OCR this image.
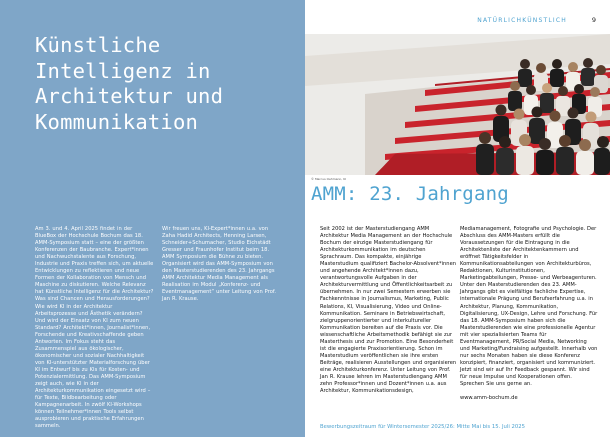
Künstliche Intelligenz in Architektur und Kommunikation

Am 3. und 4. April 2025 findet in der BlueBox der Hochschule Bochum das 18. AMM-Symposium statt – eine der größten Konferenzen der Baubranche. Expert*innen und Nachwuchstalente aus Forschung, Industrie und Praxis treffen sich, um aktuelle Entwicklungen zu reflektieren und neue Formen der Kollaboration von Mensch und Maschine zu diskutieren. Welche Relevanz hat Künstliche Intelligenz für die Architektur? Was sind Chancen und Herausforderungen? Wie wird KI in der Architektur Arbeitsprozesse und Ästhetik verändern? Und wird der Einsatz von KI zum neuen Standard? Architekt*innen, Journalist*innen, Forschende und Kreativschaffende geben Antworten. Im Fokus steht das Zusammenspiel aus ökologischer, ökonomischer und sozialer Nachhaltigkeit von KI-unterstützter Materialforschung über KI im Entwurf bis zu KIs für Kosten- und Potenzialermittlung. Das AMM-Symposium zeigt auch, wie KI in der Architekturkommunikation eingesetzt wird – für Texte, Bildbearbeitung oder Kampagnenarbeit. In zwölf KI-Workshops können Teilnehmer*innen Tools selbst ausprobieren und praktische Erfahrungen sammeln.

Wir freuen uns, KI-Expert*innen u.a. von Zaha Hadid Architects, Henning Larsen, Schneider+Schumacher, Studio Eichstädt Gresser und Fraunhofer Institut beim 18. AMM Symposium die Bühne zu bieten. Organisiert wird das AMM-Symposium von den Masterstudierenden des 23. Jahrgangs AMM Architektur Media Management als Realisation im Modul „Konferenz- und Eventmanagement“ unter Leitung von Prof. Jan R. Krause.

NATÜRLICHKÜNSTLICH	9
© Marcus Oehmann, KI
AMM: 23. Jahrgang

Seit 2002 ist der Masterstudiengang AMM Architektur Media Management an der Hochschule Bochum der einzige Masterstudiengang für Architekturkommunikation im deutschen Sprachraum. Das kompakte, einjährige Masterstudium qualifiziert Bachelor-Absolvent*innen und angehende Architekt*innen dazu, verantwortungsvolle Aufgaben in der Architekturvermittlung und Öffentlichkeitsarbeit zu übernehmen. In nur zwei Semestern erwerben sie Fachkenntnisse in Journalismus, Marketing, Public Relations, KI, Visualisierung, Video und Online-Kommunikation. Seminare in Betriebswirtschaft, zielgruppenorientierter und interkultureller Kommunikation bereiten auf die Praxis vor. Die wissenschaftliche Arbeitsmethodik befähigt sie zur Masterthesis und zur Promotion. Eine Besonderheit ist die engagierte Praxisorientierung. Schon im Masterstudium veröffentlichen sie ihre ersten Beiträge, realisieren Ausstellungen und organisieren eine Architekturkonferenz. Unter Leitung von Prof. Jan R. Krause lehren im Masterstudiengang AMM zehn Professor*innen und Dozent*innen u.a. aus Architektur, Kommunikationsdesign,

Mediamanagement, Fotografie und Psychologie. Der Abschluss des AMM-Masters erfüllt die Voraussetzungen für die Eintragung in die Architektenliste der Architektenkammern und eröffnet Tätigkeitsfelder in Kommunikationsabteilungen von Architekturbüros, Redaktionen, Kulturinstitutionen, Marketingabteilungen, Presse- und Werbeagenturen. Unter den Masterstudierenden des 23. AMM-Jahrgangs gibt es vielfältige fachliche Expertise, internationale Prägung und Berufserfahrung u.a. in Architektur, Planung, Kommunikation, Digitalisierung, UX-Design, Lehre und Forschung. Für das 18. AMM-Symposium haben sich die Masterstudierenden wie eine professionelle Agentur mit vier spezialisierten Teams für Eventmanagement, PR/Social Media, Networking und Marketing/Fundraising aufgestellt. Innerhalb von nur sechs Monaten haben sie diese Konferenz konzipiert, finanziert, organisiert und kommuniziert. Jetzt sind wir auf Ihr Feedback gespannt. Wir sind für neue Impulse und Kooperationen offen. Sprechen Sie uns gerne an.

www.amm-bochum.de

Bewerbungszeitraum für Wintersemester 2025/26: Mitte Mai bis 15. Juli 2025
